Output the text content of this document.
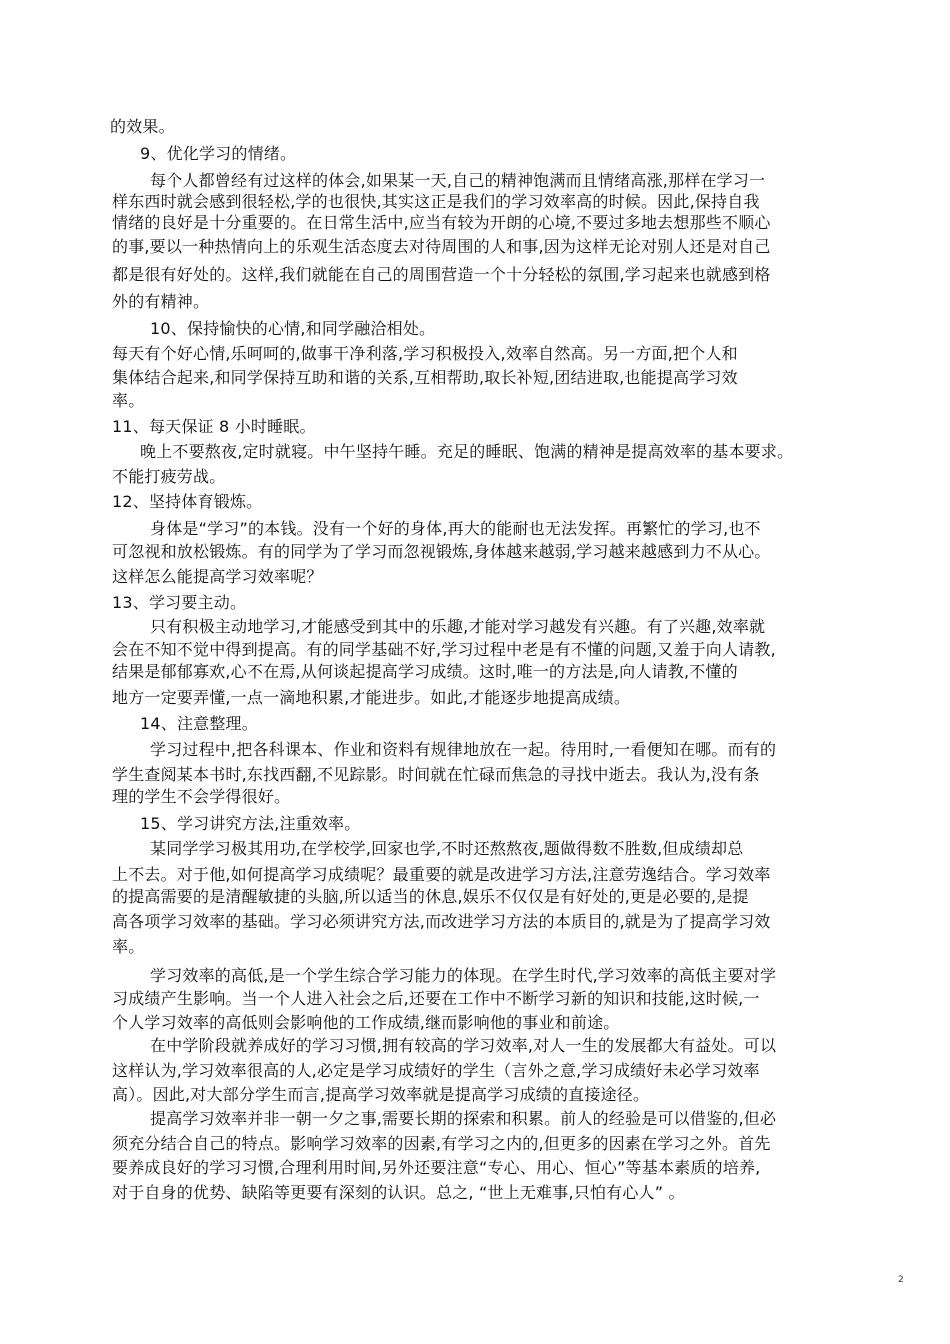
的效果。
9、优化学习的情绪。
每个人都曾经有过这样的体会,如果某一天,自己的精神饱满而且情绪高涨,那样在学习一
样东西时就会感到很轻松,学的也很快,其实这正是我们的学习效率高的时候。因此,保持自我
情绪的良好是十分重要的。在日常生活中,应当有较为开朗的心境,不要过多地去想那些不顺心
的事,要以一种热情向上的乐观生活态度去对待周围的人和事,因为这样无论对别人还是对自己
都是很有好处的。这样,我们就能在自己的周围营造一个十分轻松的氛围,学习起来也就感到格
外的有精神。
10、保持愉快的心情,和同学融洽相处。
每天有个好心情,乐呵呵的,做事干净利落,学习积极投入,效率自然高。另一方面,把个人和
集体结合起来,和同学保持互助和谐的关系,互相帮助,取长补短,团结进取,也能提高学习效
率。
11、每天保证 8 小时睡眠。
晚上不要熬夜,定时就寝。中午坚持午睡。充足的睡眠、饱满的精神是提高效率的基本要求。
不能打疲劳战。
12、坚持体育锻炼。
身体是“学习”的本钱。没有一个好的身体,再大的能耐也无法发挥。再繁忙的学习,也不
可忽视和放松锻炼。有的同学为了学习而忽视锻炼,身体越来越弱,学习越来越感到力不从心。
这样怎么能提高学习效率呢？
13、学习要主动。
只有积极主动地学习,才能感受到其中的乐趣,才能对学习越发有兴趣。有了兴趣,效率就
会在不知不觉中得到提高。有的同学基础不好,学习过程中老是有不懂的问题,又羞于向人请教,
结果是郁郁寡欢,心不在焉,从何谈起提高学习成绩。这时,唯一的方法是,向人请教,不懂的
地方一定要弄懂,一点一滴地积累,才能进步。如此,才能逐步地提高成绩。
14、注意整理。
学习过程中,把各科课本、作业和资料有规律地放在一起。待用时,一看便知在哪。而有的
学生查阅某本书时,东找西翻,不见踪影。时间就在忙碌而焦急的寻找中逝去。我认为,没有条
理的学生不会学得很好。
15、学习讲究方法,注重效率。
某同学学习极其用功,在学校学,回家也学,不时还熬熬夜,题做得数不胜数,但成绩却总
上不去。对于他,如何提高学习成绩呢？最重要的就是改进学习方法,注意劳逸结合。学习效率
的提高需要的是清醒敏捷的头脑,所以适当的休息,娱乐不仅仅是有好处的,更是必要的,是提
高各项学习效率的基础。学习必须讲究方法,而改进学习方法的本质目的,就是为了提高学习效
率。
学习效率的高低,是一个学生综合学习能力的体现。在学生时代,学习效率的高低主要对学
习成绩产生影响。当一个人进入社会之后,还要在工作中不断学习新的知识和技能,这时候,一
个人学习效率的高低则会影响他的工作成绩,继而影响他的事业和前途。
在中学阶段就养成好的学习习惯,拥有较高的学习效率,对人一生的发展都大有益处。可以
这样认为,学习效率很高的人,必定是学习成绩好的学生（言外之意,学习成绩好未必学习效率
高）。因此,对大部分学生而言,提高学习效率就是提高学习成绩的直接途径。
提高学习效率并非一朝一夕之事,需要长期的探索和积累。前人的经验是可以借鉴的,但必
须充分结合自己的特点。影响学习效率的因素,有学习之内的,但更多的因素在学习之外。首先
要养成良好的学习习惯,合理利用时间,另外还要注意“专心、用心、恒心”等基本素质的培养,
对于自身的优势、缺陷等更要有深刻的认识。总之, “世上无难事,只怕有心人” 。
2
